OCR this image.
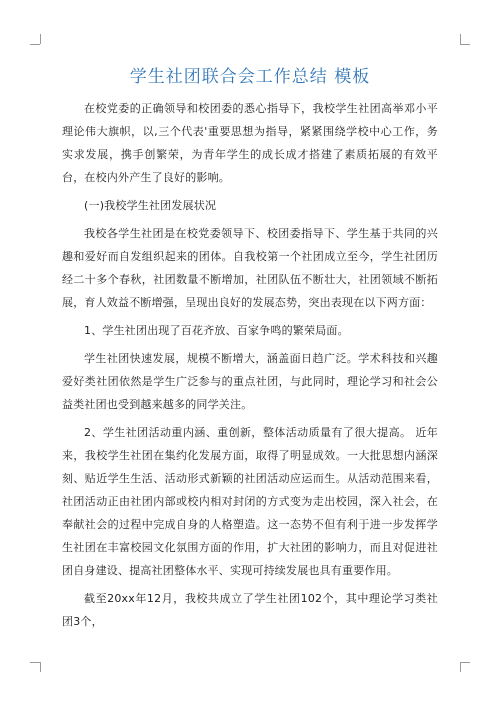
学生社团联合会工作总结 模板

在校党委的正确领导和校团委的悉心指导下，我校学生社团高举邓小平理论伟大旗帜，以,三个代表'重要思想为指导，紧紧围绕学校中心工作，务实求发展，携手创繁荣，为青年学生的成长成才搭建了素质拓展的有效平台，在校内外产生了良好的影响。

(一)我校学生社团发展状况

我校各学生社团是在校党委领导下、校团委指导下、学生基于共同的兴趣和爱好而自发组织起来的团体。自我校第一个社团成立至今，学生社团历经二十多个春秋，社团数量不断增加，社团队伍不断壮大，社团领域不断拓展，育人效益不断增强，呈现出良好的发展态势，突出表现在以下两方面：

1、学生社团出现了百花齐放、百家争鸣的繁荣局面。

学生社团快速发展，规模不断增大，涵盖面日趋广泛。学术科技和兴趣爱好类社团依然是学生广泛参与的重点社团，与此同时，理论学习和社会公益类社团也受到越来越多的同学关注。

2、学生社团活动重内涵、重创新，整体活动质量有了很大提高。 近年来，我校学生社团在集约化发展方面，取得了明显成效。一大批思想内涵深刻、贴近学生生活、活动形式新颖的社团活动应运而生。从活动范围来看，社团活动正由社团内部或校内相对封闭的方式变为走出校园，深入社会，在奉献社会的过程中完成自身的人格塑造。这一态势不但有利于进一步发挥学生社团在丰富校园文化氛围方面的作用，扩大社团的影响力，而且对促进社团自身建设、提高社团整体水平、实现可持续发展也具有重要作用。

截至20xx年12月，我校共成立了学生社团102个，其中理论学习类社团3个，
